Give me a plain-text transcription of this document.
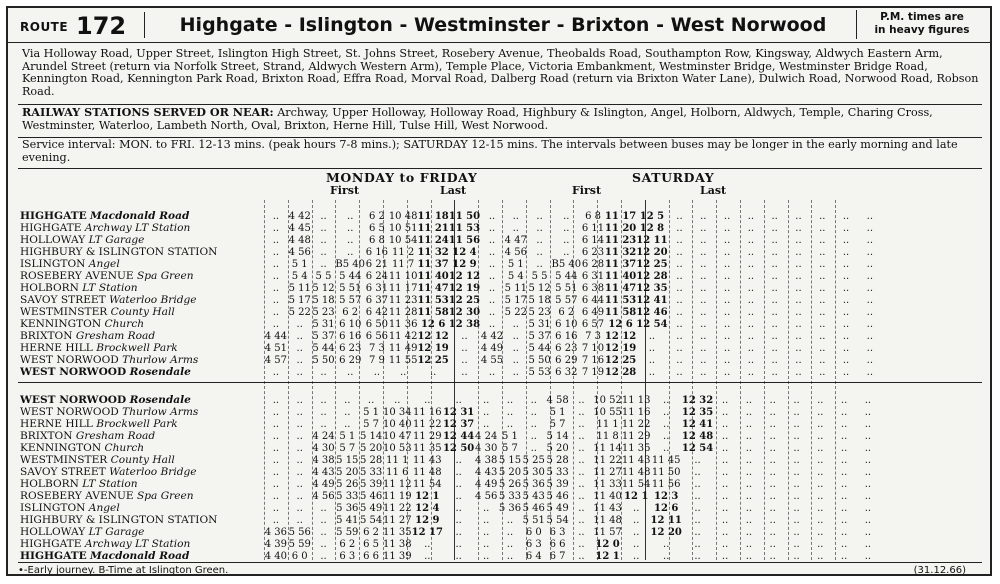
ROUTE 172	Highgate - Islington - Westminster - Brixton - West Norwood	P.M. times are
in heavy figures
Via Holloway Road, Upper Street, Islington High Street, St. Johns Street, Rosebery Avenue, Theobalds Road, Southampton Row, Kingsway, Aldwych Eastern Arm, Arundel Street (return via Norfolk Street, Strand, Aldwych Western Arm), Temple Place, Victoria Embankment, Westminster Bridge, Westminster Bridge Road, Kennington Road, Kennington Park Road, Brixton Road, Effra Road, Morval Road, Dalberg Road (return via Brixton Water Lane), Dulwich Road, Norwood Road, Robson Road.
RAILWAY STATIONS SERVED OR NEAR: Archway, Upper Holloway, Holloway Road, Highbury & Islington, Angel, Holborn, Aldwych, Temple, Charing Cross, Westminster, Waterloo, Lambeth North, Oval, Brixton, Herne Hill, Tulse Hill, West Norwood.
Service interval: MON. to FRI. 12-13 mins. (peak hours 7-8 mins.); SATURDAY 12-15 mins. The intervals between buses may be longer in the early morning and late evening.
MONDAY to FRIDAY	SATURDAY
First	Last	First	Last
HIGHGATE Macdonald Road	..	4 42	..	..	6 2	10 48	11 18	11 50	..	..	..	..	6 8	11 17	12 5	..	..	..	..	..	..	..	..	..
HIGHGATE Archway LT Station	..	4 45	..	..	6 5	10 51	11 21	11 53	..	..	..	..	6 11	11 20	12 8	..	..	..	..	..	..	..	..	..
HOLLOWAY LT Garage	..	4 48	..	..	6 8	10 54	11 24	11 56	..	4 47	..	..	6 14	11 23	12 11	..	..	..	..	..	..	..	..	..
HIGHBURY & ISLINGTON STATION	..	4 56	..	..	6 16	11 2	11 32	12 4	..	4 56	..	..	6 23	11 32	12 20	..	..	..	..	..	..	..	..	..
ISLINGTON Angel	..	5 1	..	B5 40	6 21	11 7	11 37	12 9	..	5 1	..	B5 40	6 28	11 37	12 25	..	..	..	..	..	..	..	..	..
ROSEBERY AVENUE Spa Green	..	5 4	5 5	5 44	6 24	11 10	11 40	12 12	..	5 4	5 5	5 44	6 31	11 40	12 28	..	..	..	..	..	..	..	..	..
HOLBORN LT Station	..	5 11	5 12	5 51	6 31	11 17	11 47	12 19	..	5 11	5 12	5 51	6 38	11 47	12 35	..	..	..	..	..	..	..	..	..
SAVOY STREET Waterloo Bridge	..	5 17	5 18	5 57	6 37	11 23	11 53	12 25	..	5 17	5 18	5 57	6 44	11 53	12 41	..	..	..	..	..	..	..	..	..
WESTMINSTER County Hall	..	5 22	5 23	6 2	6 42	11 28	11 58	12 30	..	5 22	5 23	6 2	6 49	11 58	12 46	..	..	..	..	..	..	..	..	..
KENNINGTON Church	..	..	5 31	6 10	6 50	11 36	12 6	12 38	..	..	5 31	6 10	6 57	12 6	12 54	..	..	..	..	..	..	..	..	..
BRIXTON Gresham Road	4 44	..	5 37	6 16	6 56	11 42	12 12	..	4 42	..	5 37	6 16	7 3	12 12	..	..	..	..	..	..	..	..	..	..
HERNE HILL Brockwell Park	4 51	..	5 44	6 23	7 3	11 49	12 19	..	4 49	..	5 44	6 23	7 10	12 19	..	..	..	..	..	..	..	..	..	..
WEST NORWOOD Thurlow Arms	4 57	..	5 50	6 29	7 9	11 55	12 25	..	4 55	..	5 50	6 29	7 16	12 25	..	..	..	..	..	..	..	..	..	..
WEST NORWOOD Rosendale	..	..	..	..	..	..	..	..	..	..	5 53	6 32	7 19	12 28	..	..	..	..	..	..	..	..	..	..
WEST NORWOOD Rosendale	..	..	..	..	..	..	..	..	..	..	..	4 58	..	10 52	11 13	..	12 32	..	..	..	..	..	..	..
WEST NORWOOD Thurlow Arms	..	..	..	..	5 1	10 34	11 16	12 31	..	..	..	5 1	..	10 55	11 16	..	12 35	..	..	..	..	..	..	..
HERNE HILL Brockwell Park	..	..	..	..	5 7	10 40	11 22	12 37	..	..	..	5 7	..	11 1	11 22	..	12 41	..	..	..	..	..	..	..
BRIXTON Gresham Road	..	..	4 24	5 1	5 14	10 47	11 29	12 44	4 24	5 1	..	5 14	..	11 8	11 29	..	12 48	..	..	..	..	..	..	..
KENNINGTON Church	..	..	4 30	5 7	5 20	10 53	11 35	12 50	4 30	5 7	..	5 20	..	11 14	11 35	..	12 54	..	..	..	..	..	..	..
WESTMINSTER County Hall	..	..	4 38	5 15	5 28	11 1	11 43	..	4 38	5 15	5 25	5 28	..	11 22	11 43	11 45	..	..	..	..	..	..	..	..
SAVOY STREET Waterloo Bridge	..	..	4 43	5 20	5 33	11 6	11 48	..	4 43	5 20	5 30	5 33	..	11 27	11 48	11 50	..	..	..	..	..	..	..	..
HOLBORN LT Station	..	..	4 49	5 26	5 39	11 12	11 54	..	4 49	5 26	5 36	5 39	..	11 33	11 54	11 56	..	..	..	..	..	..	..	..
ROSEBERY AVENUE Spa Green	..	..	4 56	5 33	5 46	11 19	12 1	..	4 56	5 33	5 43	5 46	..	11 40	12 1	12 3	..	..	..	..	..	..	..	..
ISLINGTON Angel	..	..	..	5 36	5 49	11 22	12 4	..	..	5 36	5 46	5 49	..	11 43	..	12 6	..	..	..	..	..	..	..	..
HIGHBURY & ISLINGTON STATION	..	..	..	5 41	5 54	11 27	12 9	..	..	..	5 51	5 54	..	11 48	..	12 11	..	..	..	..	..	..	..	..
HOLLOWAY LT Garage	4 36	5 56	..	5 59	6 2	11 35	12 17	..	..	..	6 0	6 3	..	11 57	..	12 20	..	..	..	..	..	..	..	..
HIGHGATE Archway LT Station	4 39	5 59	..	6 2	6 5	11 38	..	..	..	..	6 3	6 6	..	12 0	..	..	..	..	..	..	..	..	..	..
HIGHGATE Macdonald Road	4 40	6 0	..	6 3	6 6	11 39	..	..	..	..	6 4	6 7	..	12 1	..	..	..	..	..	..	..	..	..	..
•-Early journey. B-Time at Islington Green.	(31.12.66)
